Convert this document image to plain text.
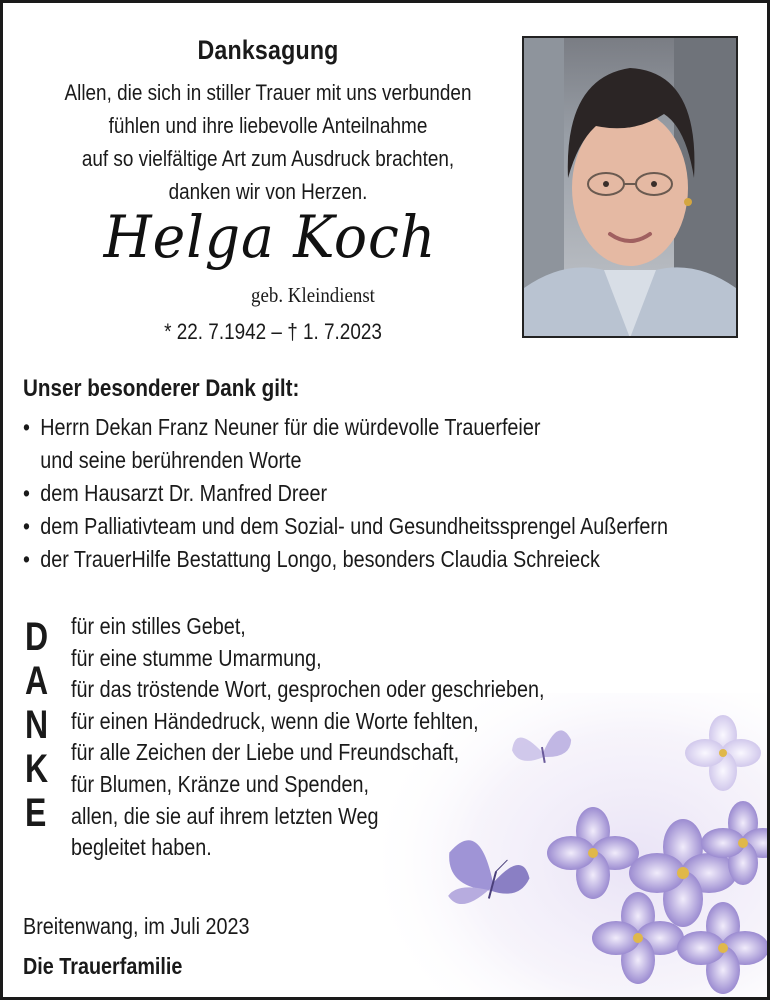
Danksagung
Allen, die sich in stiller Trauer mit uns verbunden
fühlen und ihre liebevolle Anteilnahme
auf so vielfältige Art zum Ausdruck brachten,
danken wir von Herzen.
Helga Koch
geb. Kleindienst
* 22. 7.1942 – † 1. 7.2023
Unser besonderer Dank gilt:
• Herrn Dekan Franz Neuner für die würdevolle Trauerfeier
und seine berührenden Worte
• dem Hausarzt Dr. Manfred Dreer
• dem Palliativteam und dem Sozial- und Gesundheitssprengel Außerfern
• der TrauerHilfe Bestattung Longo, besonders Claudia Schreieck
D
A
N
K
E
für ein stilles Gebet,
für eine stumme Umarmung,
für das tröstende Wort, gesprochen oder geschrieben,
für einen Händedruck, wenn die Worte fehlten,
für alle Zeichen der Liebe und Freundschaft,
für Blumen, Kränze und Spenden,
allen, die sie auf ihrem letzten Weg
begleitet haben.
Breitenwang, im Juli 2023
Die Trauerfamilie
